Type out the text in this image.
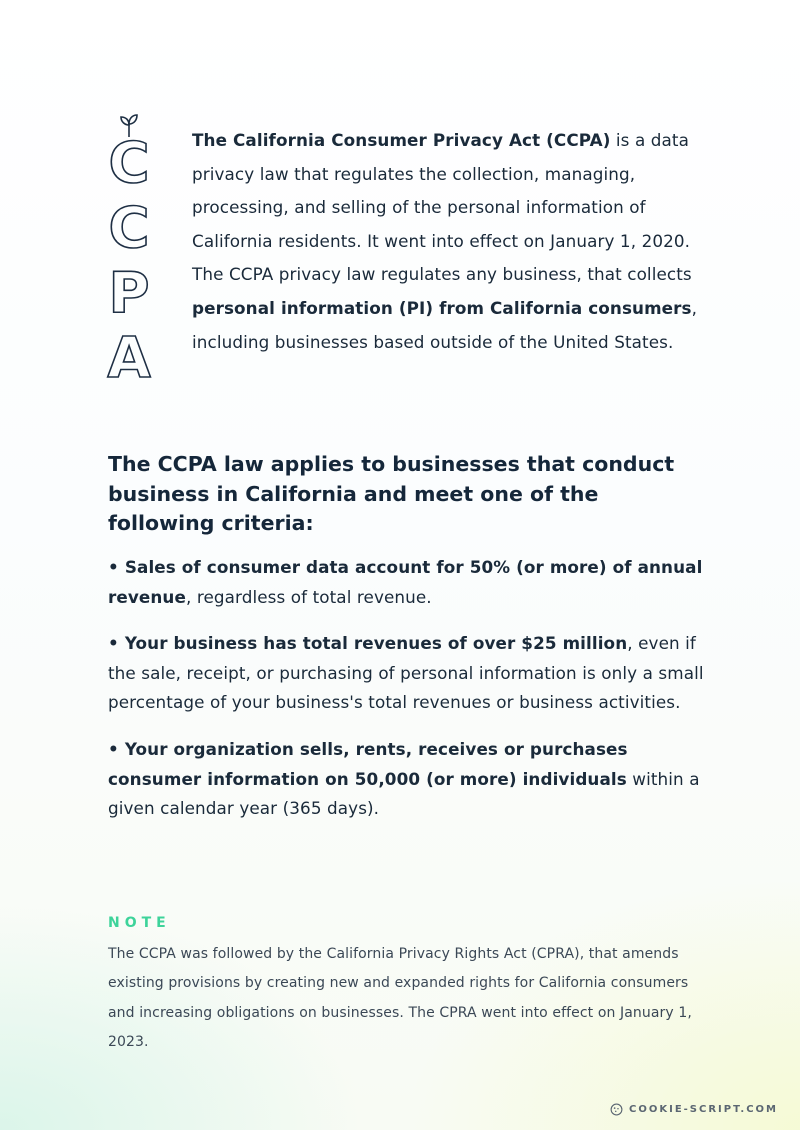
C
C
P
A

The California Consumer Privacy Act (CCPA) is a data privacy law that regulates the collection, managing, processing, and selling of the personal information of California residents. It went into effect on January 1, 2020. The CCPA privacy law regulates any business, that collects personal information (PI) from California consumers, including businesses based outside of the United States.

The CCPA law applies to businesses that conduct business in California and meet one of the following criteria:
• Sales of consumer data account for 50% (or more) of annual revenue, regardless of total revenue.
• Your business has total revenues of over $25 million, even if the sale, receipt, or purchasing of personal information is only a small percentage of your business's total revenues or business activities.
• Your organization sells, rents, receives or purchases consumer information on 50,000 (or more) individuals within a given calendar year (365 days).

NOTE

The CCPA was followed by the California Privacy Rights Act (CPRA), that amends existing provisions by creating new and expanded rights for California consumers and increasing obligations on businesses. The CPRA went into effect on January 1, 2023.

COOKIE-SCRIPT.COM
